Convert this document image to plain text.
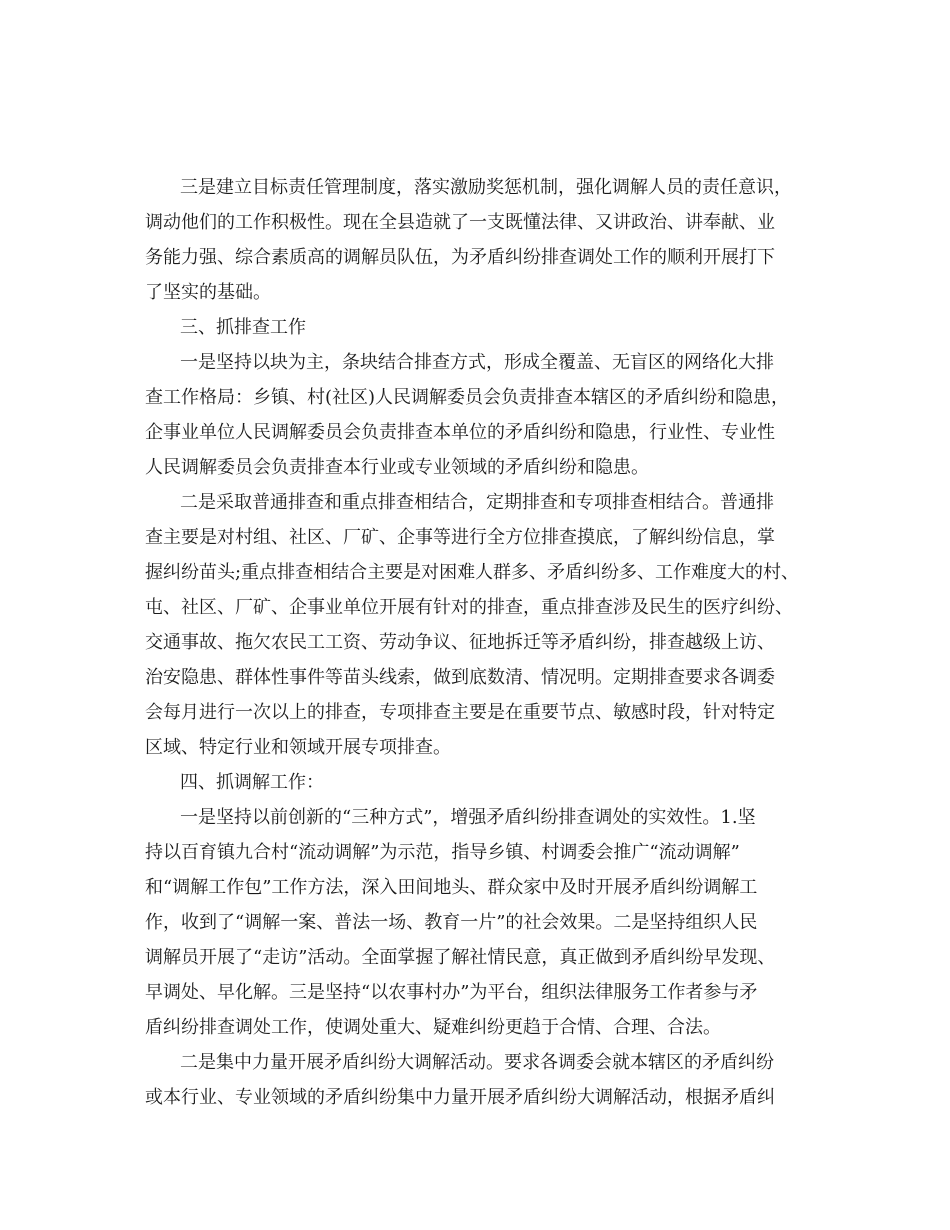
三是建立目标责任管理制度，落实激励奖惩机制，强化调解人员的责任意识，

调动他们的工作积极性。现在全县造就了一支既懂法律、又讲政治、讲奉献、业

务能力强、综合素质高的调解员队伍，为矛盾纠纷排查调处工作的顺利开展打下

了坚实的基础。

三、抓排查工作

一是坚持以块为主，条块结合排查方式，形成全覆盖、无盲区的网络化大排

查工作格局：乡镇、村(社区)人民调解委员会负责排查本辖区的矛盾纠纷和隐患，

企事业单位人民调解委员会负责排查本单位的矛盾纠纷和隐患，行业性、专业性

人民调解委员会负责排查本行业或专业领域的矛盾纠纷和隐患。

二是采取普通排查和重点排查相结合，定期排查和专项排查相结合。普通排

查主要是对村组、社区、厂矿、企事等进行全方位排查摸底，了解纠纷信息，掌

握纠纷苗头;重点排查相结合主要是对困难人群多、矛盾纠纷多、工作难度大的村、

屯、社区、厂矿、企事业单位开展有针对的排查，重点排查涉及民生的医疗纠纷、

交通事故、拖欠农民工工资、劳动争议、征地拆迁等矛盾纠纷，排查越级上访、

治安隐患、群体性事件等苗头线索，做到底数清、情况明。定期排查要求各调委

会每月进行一次以上的排查，专项排查主要是在重要节点、敏感时段，针对特定

区域、特定行业和领域开展专项排查。

四、抓调解工作：

一是坚持以前创新的“三种方式”，增强矛盾纠纷排查调处的实效性。1.坚

持以百育镇九合村“流动调解”为示范，指导乡镇、村调委会推广“流动调解”

和“调解工作包”工作方法，深入田间地头、群众家中及时开展矛盾纠纷调解工

作，收到了“调解一案、普法一场、教育一片”的社会效果。二是坚持组织人民

调解员开展了“走访”活动。全面掌握了解社情民意，真正做到矛盾纠纷早发现、

早调处、早化解。三是坚持“以农事村办”为平台，组织法律服务工作者参与矛

盾纠纷排查调处工作，使调处重大、疑难纠纷更趋于合情、合理、合法。

二是集中力量开展矛盾纠纷大调解活动。要求各调委会就本辖区的矛盾纠纷

或本行业、专业领域的矛盾纠纷集中力量开展矛盾纠纷大调解活动，根据矛盾纠
